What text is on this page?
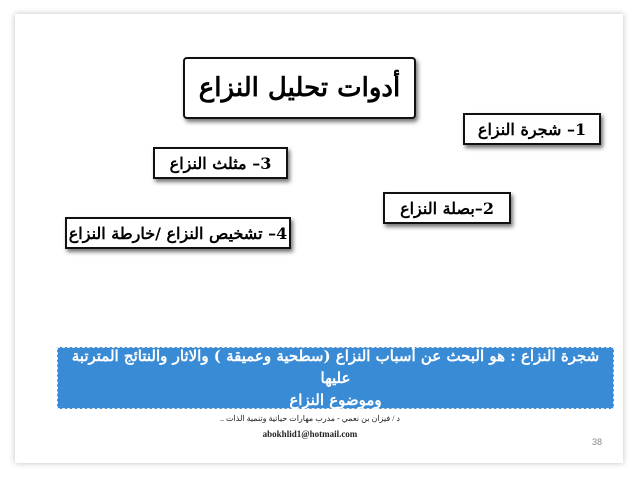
أدوات تحليل النزاع
1– شجرة النزاع
3– مثلث النزاع
2–بصلة النزاع
4– تشخيص النزاع /خارطة النزاع
شجرة النزاع : هو البحث عن أسباب النزاع (سطحية وعميقة ) والاثار والنتائج المترتبة عليها
وموضوع النزاع
د / فيزان بن نعمي - مدرب مهارات حياتية وتنمية الذات ..
abokhlid1@hotmail.com
38
